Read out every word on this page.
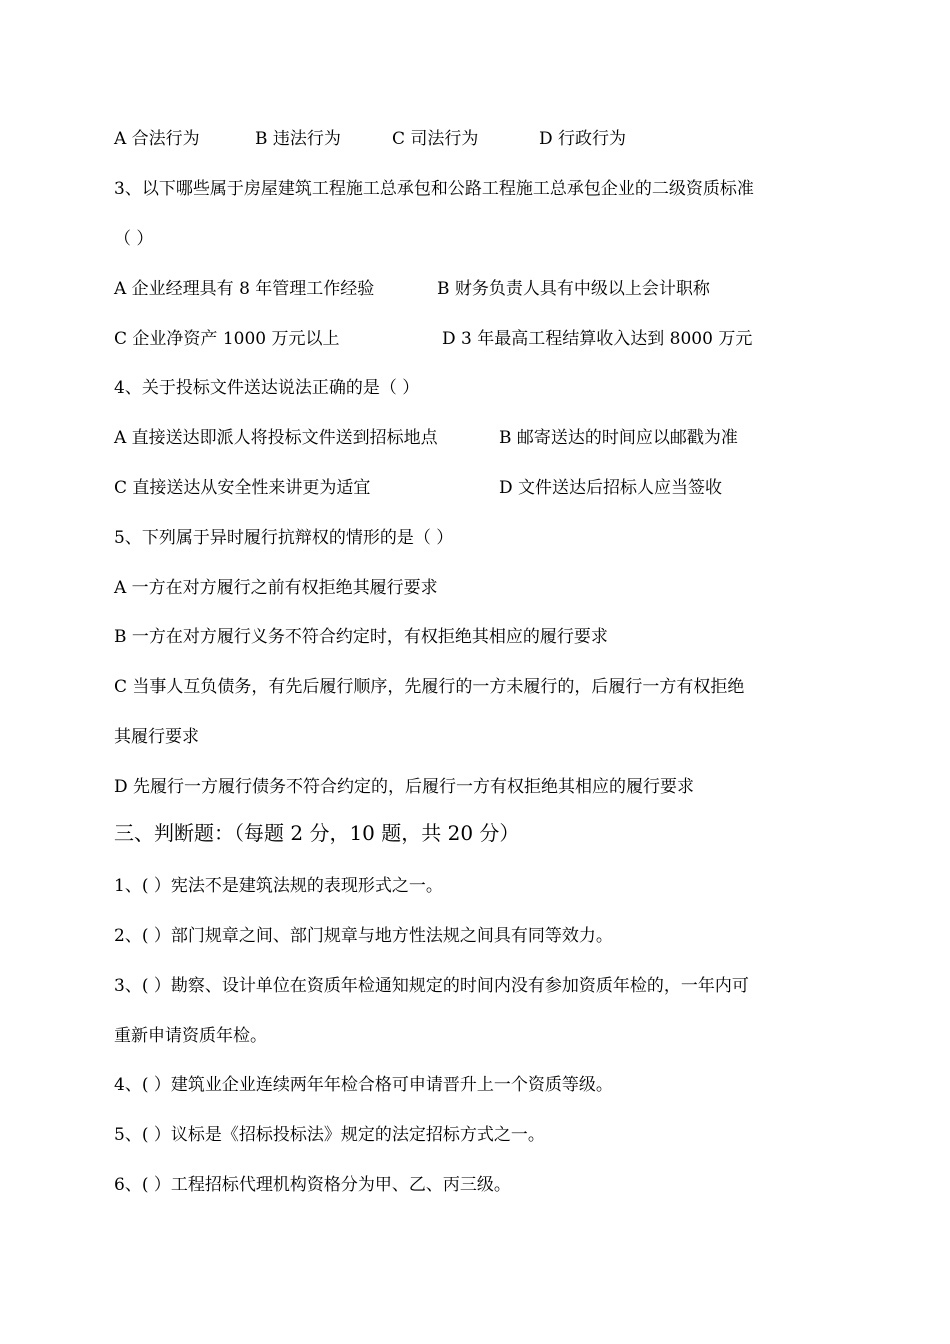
A 合法行为	B 违法行为	C 司法行为	D 行政行为
3、以下哪些属于房屋建筑工程施工总承包和公路工程施工总承包企业的二级资质标准
（ ）
A 企业经理具有 8 年管理工作经验	B 财务负责人具有中级以上会计职称
C 企业净资产 1000 万元以上	D 3 年最高工程结算收入达到 8000 万元
4、关于投标文件送达说法正确的是（ ）
A 直接送达即派人将投标文件送到招标地点	B 邮寄送达的时间应以邮戳为准
C 直接送达从安全性来讲更为适宜	D 文件送达后招标人应当签收
5、下列属于异时履行抗辩权的情形的是（ ）
A 一方在对方履行之前有权拒绝其履行要求
B 一方在对方履行义务不符合约定时，有权拒绝其相应的履行要求
C 当事人互负债务，有先后履行顺序，先履行的一方未履行的，后履行一方有权拒绝
其履行要求
D 先履行一方履行债务不符合约定的，后履行一方有权拒绝其相应的履行要求
三、判断题：（每题 2 分，10 题，共 20 分）
1、( ）宪法不是建筑法规的表现形式之一。
2、( ）部门规章之间、部门规章与地方性法规之间具有同等效力。
3、( ）勘察、设计单位在资质年检通知规定的时间内没有参加资质年检的，一年内可
重新申请资质年检。
4、( ）建筑业企业连续两年年检合格可申请晋升上一个资质等级。
5、( ）议标是《招标投标法》规定的法定招标方式之一。
6、( ）工程招标代理机构资格分为甲、乙、丙三级。
